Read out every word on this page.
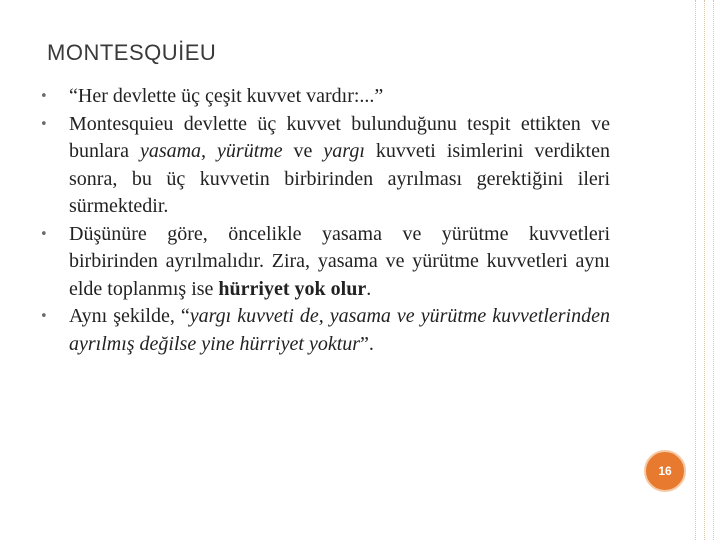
MONTESQUİEU

• “Her devlette üç çeşit kuvvet vardır:...”

• Montesquieu devlette üç kuvvet bulunduğunu tespit ettikten ve bunlara yasama, yürütme ve yargı kuvveti isimlerini verdikten sonra, bu üç kuvvetin birbirinden ayrılması gerektiğini ileri sürmektedir.

• Düşünüre göre, öncelikle yasama ve yürütme kuvvetleri birbirinden ayrılmalıdır. Zira, yasama ve yürütme kuvvetleri aynı elde toplanmış ise hürriyet yok olur.

• Aynı şekilde, “yargı kuvveti de, yasama ve yürütme kuvvetlerinden ayrılmış değilse yine hürriyet yoktur”.

16
